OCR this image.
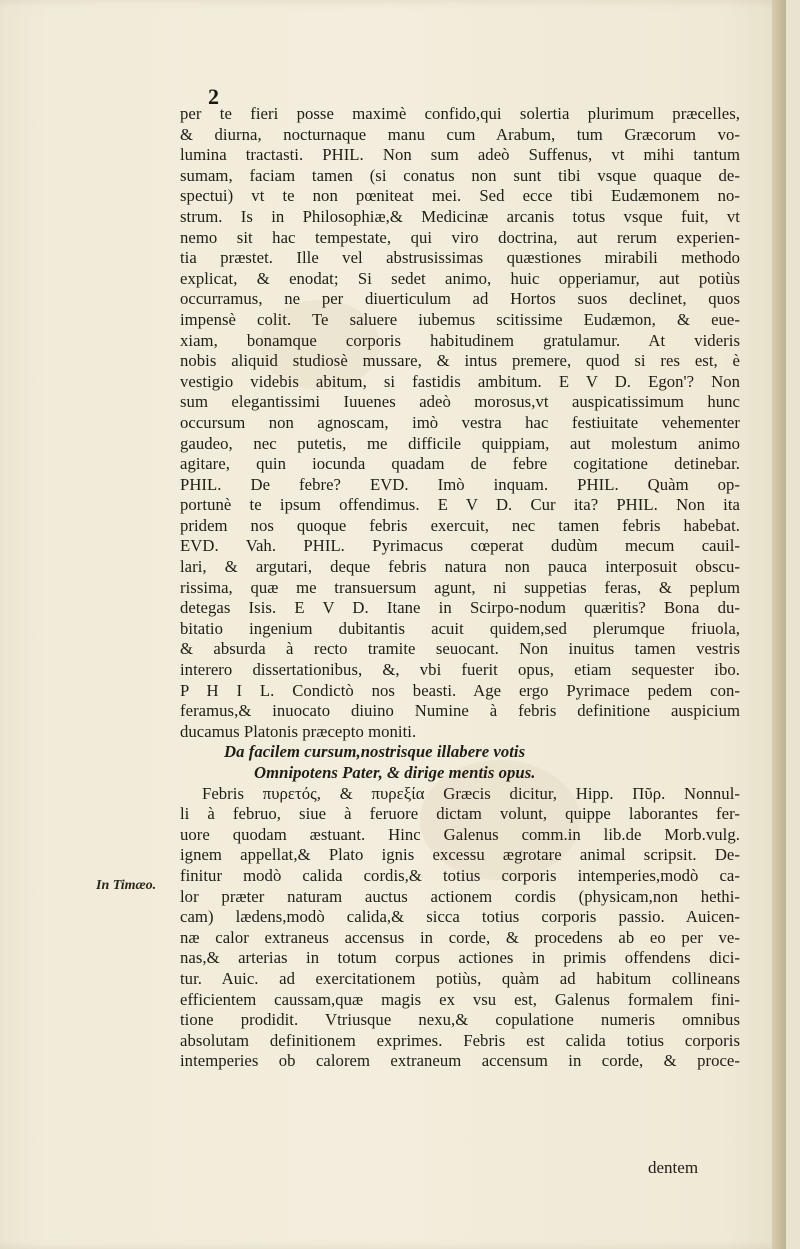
2
In Timæo.
per te fieri posse maximè confido,qui solertia plurimum præcelles,
& diurna, nocturnaque manu cum Arabum, tum Græcorum vo-
lumina tractasti. PHIL. Non sum adeò Suffenus, vt mihi tantum
sumam, faciam tamen (si conatus non sunt tibi vsque quaque de-
spectui) vt te non pœniteat mei. Sed ecce tibi Eudæmonem no-
strum. Is in Philosophiæ,& Medicinæ arcanis totus vsque fuit, vt
nemo sit hac tempestate, qui viro doctrina, aut rerum experien-
tia præstet. Ille vel abstrusissimas quæstiones mirabili methodo
explicat, & enodat; Si sedet animo, huic opperiamur, aut potiùs
occurramus, ne per diuerticulum ad Hortos suos declinet, quos
impensè colit. Te saluere iubemus scitissime Eudæmon, & eue-
xiam, bonamque corporis habitudinem gratulamur. At videris
nobis aliquid studiosè mussare, & intus premere, quod si res est, è
vestigio videbis abitum, si fastidis ambitum. E V D. Egon'? Non
sum elegantissimi Iuuenes adeò morosus,vt auspicatissimum hunc
occursum non agnoscam, imò vestra hac festiuitate vehementer
gaudeo, nec putetis, me difficile quippiam, aut molestum animo
agitare, quin iocunda quadam de febre cogitatione detinebar.
PHIL. De febre? EVD. Imò inquam. PHIL. Quàm op-
portunè te ipsum offendimus. E V D. Cur ita? PHIL. Non ita
pridem nos quoque febris exercuit, nec tamen febris habebat.
EVD. Vah. PHIL. Pyrimacus cœperat dudùm mecum cauil-
lari, & argutari, deque febris natura non pauca interposuit obscu-
rissima, quæ me transuersum agunt, ni suppetias feras, & peplum
detegas Isis. E V D. Itane in Scirpo-nodum quæritis? Bona du-
bitatio ingenium dubitantis acuit quidem,sed plerumque friuola,
& absurda à recto tramite seuocant. Non inuitus tamen vestris
interero dissertationibus, &, vbi fuerit opus, etiam sequester ibo.
P H I L. Condictò nos beasti. Age ergo Pyrimace pedem con-
feramus,& inuocato diuino Numine à febris definitione auspicium
ducamus Platonis præcepto moniti.
Da facilem cursum,nostrisque illabere votis
Omnipotens Pater, & dirige mentis opus.
Febris πυρετός, & πυρεξία Græcis dicitur, Hipp. Πῦρ. Nonnul-
li à februo, siue à feruore dictam volunt, quippe laborantes fer-
uore quodam æstuant. Hinc Galenus comm.in lib.de Morb.vulg.
ignem appellat,& Plato ignis excessu ægrotare animal scripsit. De-
finitur modò calida cordis,& totius corporis intemperies,modò ca-
lor præter naturam auctus actionem cordis (physicam,non hethi-
cam) lædens,modò calida,& sicca totius corporis passio. Auicen-
næ calor extraneus accensus in corde, & procedens ab eo per ve-
nas,& arterias in totum corpus actiones in primis offendens dici-
tur. Auic. ad exercitationem potiùs, quàm ad habitum collineans
efficientem caussam,quæ magis ex vsu est, Galenus formalem fini-
tione prodidit. Vtriusque nexu,& copulatione numeris omnibus
absolutam definitionem exprimes. Febris est calida totius corporis
intemperies ob calorem extraneum accensum in corde, & proce-
dentem
